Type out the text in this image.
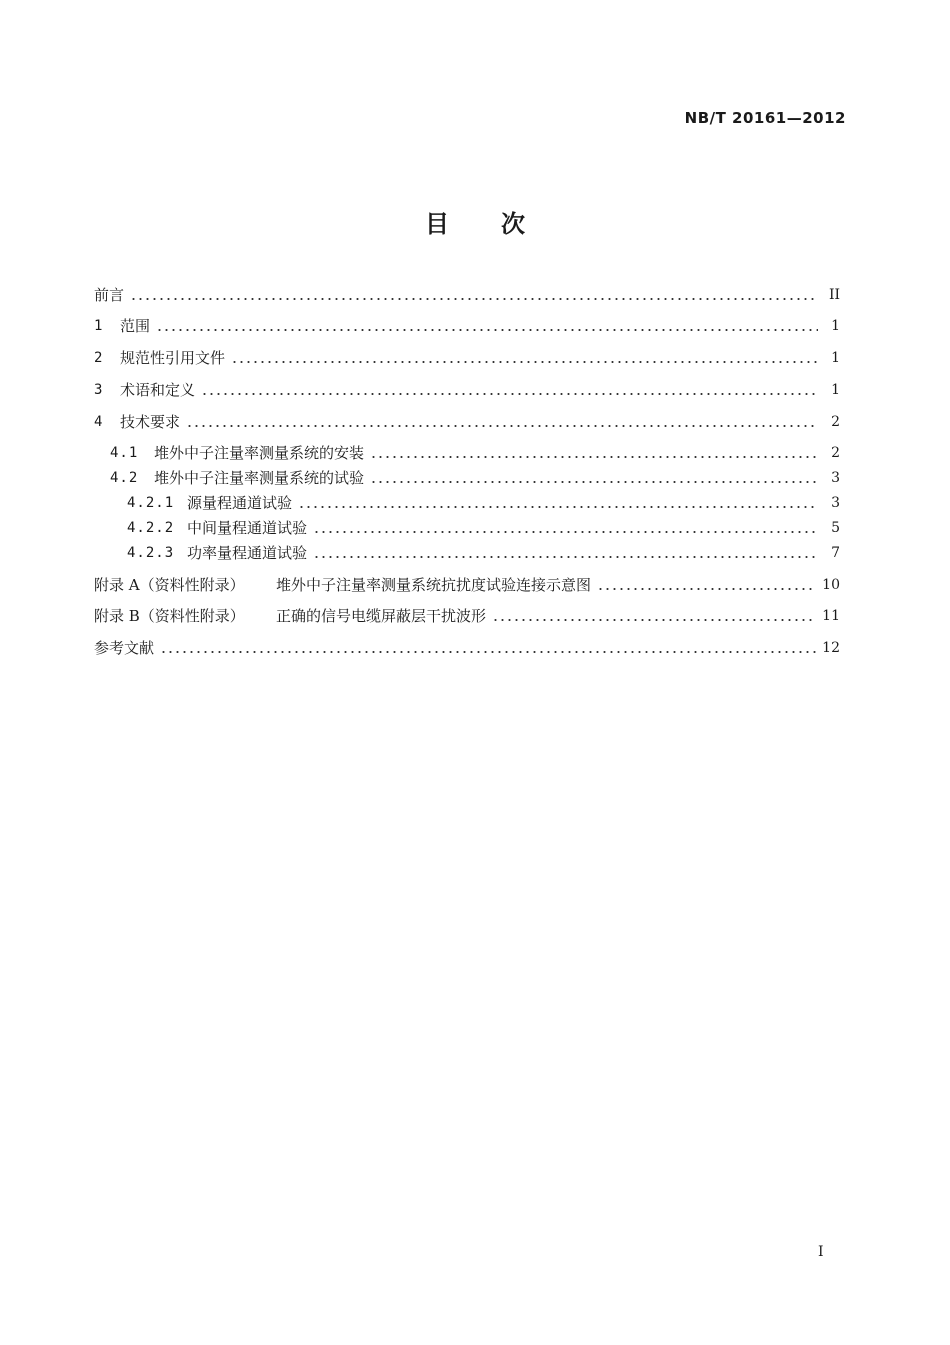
NB/T 20161—2012
目次
前言	II
1	范围	1
2	规范性引用文件	1
3	术语和定义	1
4	技术要求	2
4.1	堆外中子注量率测量系统的安装	2
4.2	堆外中子注量率测量系统的试验	3
4.2.1 源量程通道试验	3
4.2.2 中间量程通道试验	5
4.2.3 功率量程通道试验	7
附录 A（资料性附录）	堆外中子注量率测量系统抗扰度试验连接示意图	10
附录 B（资料性附录）	正确的信号电缆屏蔽层干扰波形	11
参考文献	12
I
